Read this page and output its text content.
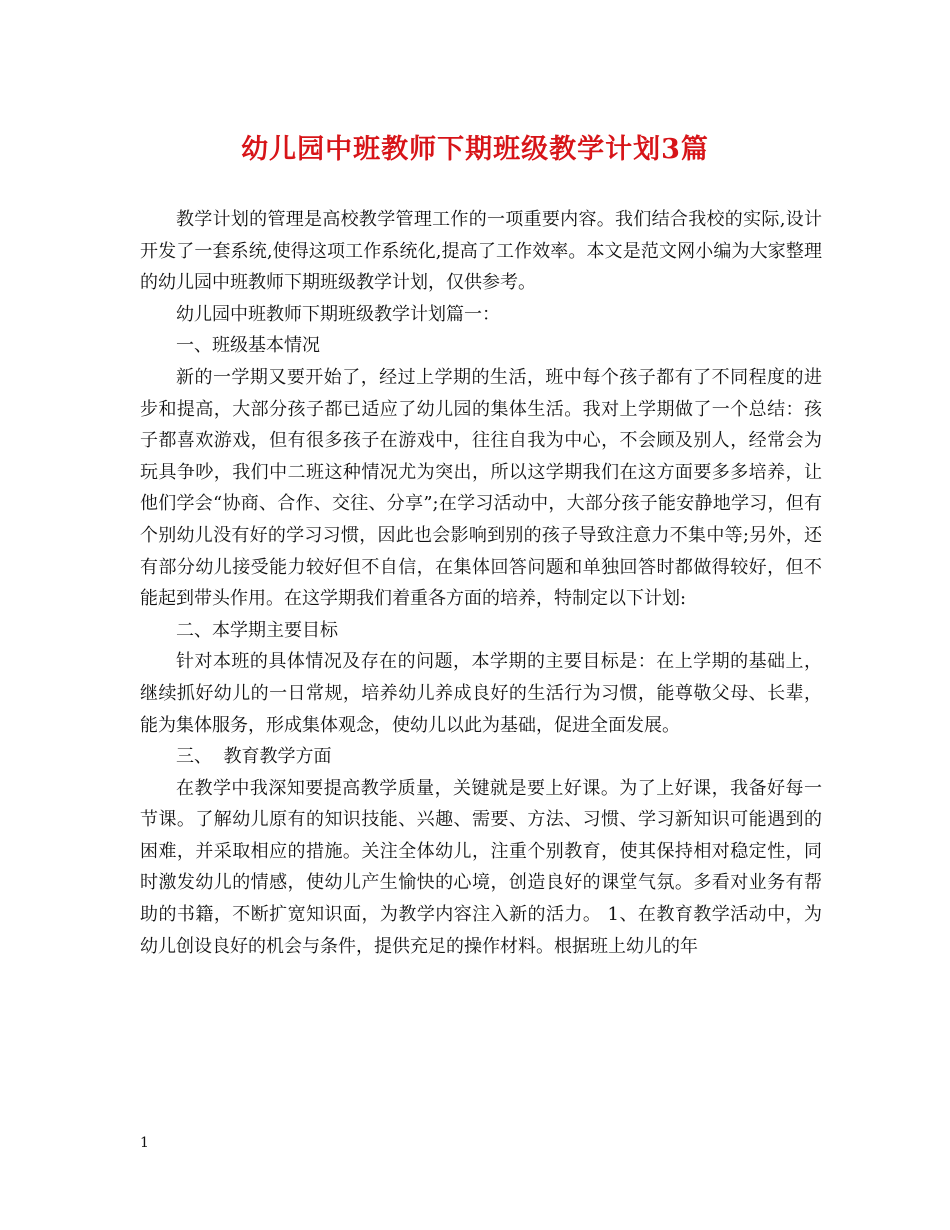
幼儿园中班教师下期班级教学计划3篇

教学计划的管理是高校教学管理工作的一项重要内容。我们结合我校的实际,设计开发了一套系统,使得这项工作系统化,提高了工作效率。本文是范文网小编为大家整理的幼儿园中班教师下期班级教学计划，仅供参考。

幼儿园中班教师下期班级教学计划篇一：

一、班级基本情况

新的一学期又要开始了，经过上学期的生活，班中每个孩子都有了不同程度的进步和提高，大部分孩子都已适应了幼儿园的集体生活。我对上学期做了一个总结：孩子都喜欢游戏，但有很多孩子在游戏中，往往自我为中心，不会顾及别人，经常会为玩具争吵，我们中二班这种情况尤为突出，所以这学期我们在这方面要多多培养，让他们学会“协商、合作、交往、分享”;在学习活动中，大部分孩子能安静地学习，但有个别幼儿没有好的学习习惯，因此也会影响到别的孩子导致注意力不集中等;另外，还有部分幼儿接受能力较好但不自信，在集体回答问题和单独回答时都做得较好，但不能起到带头作用。在这学期我们着重各方面的培养，特制定以下计划:

二、本学期主要目标

针对本班的具体情况及存在的问题，本学期的主要目标是：在上学期的基础上，继续抓好幼儿的一日常规，培养幼儿养成良好的生活行为习惯，能尊敬父母、长辈，能为集体服务，形成集体观念，使幼儿以此为基础，促进全面发展。

三、  教育教学方面

在教学中我深知要提高教学质量，关键就是要上好课。为了上好课，我备好每一节课。了解幼儿原有的知识技能、兴趣、需要、方法、习惯、学习新知识可能遇到的困难，并采取相应的措施。关注全体幼儿，注重个别教育，使其保持相对稳定性，同时激发幼儿的情感，使幼儿产生愉快的心境，创造良好的课堂气氛。多看对业务有帮助的书籍，不断扩宽知识面，为教学内容注入新的活力。 1、在教育教学活动中，为幼儿创设良好的机会与条件，提供充足的操作材料。根据班上幼儿的年

1
